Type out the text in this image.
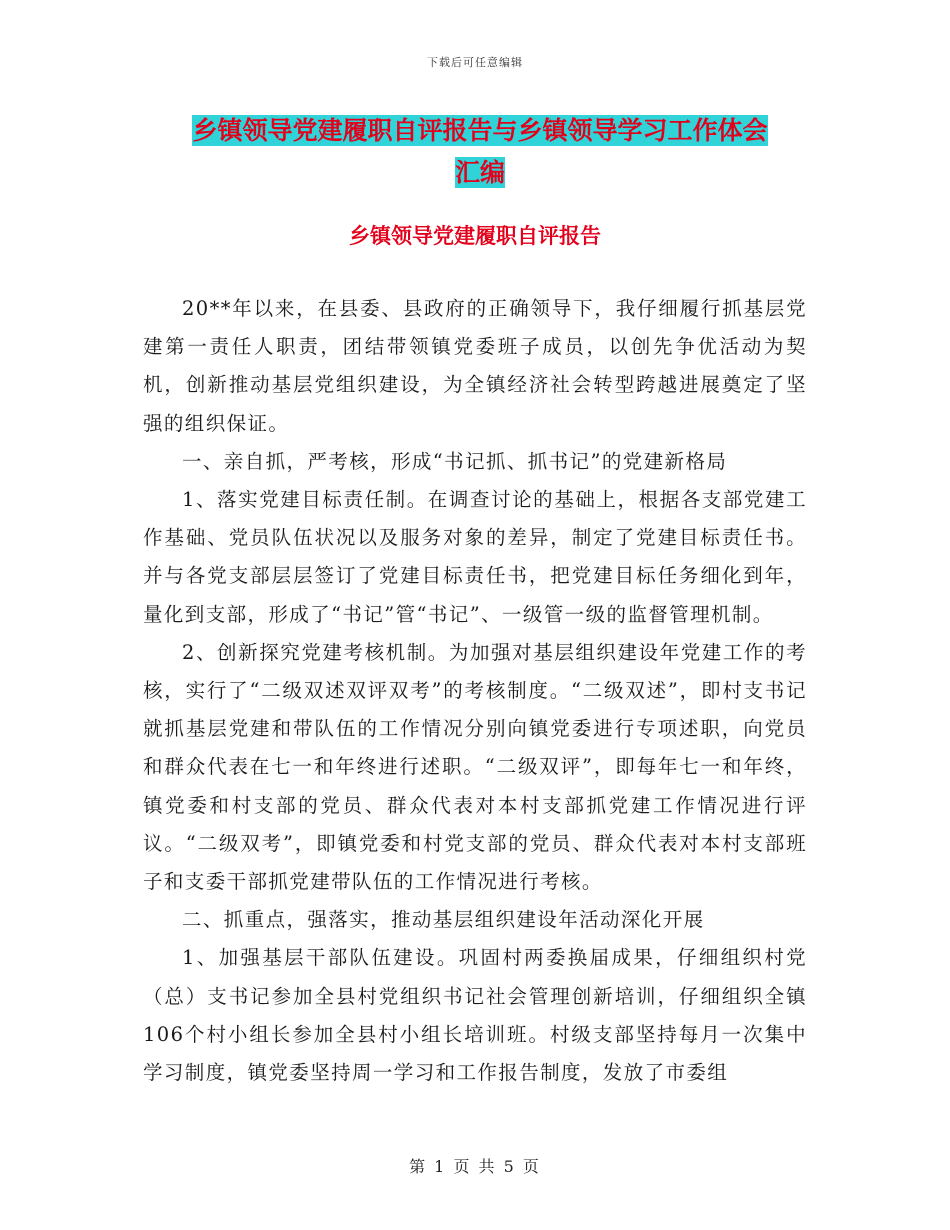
下载后可任意编辑
乡镇领导党建履职自评报告与乡镇领导学习工作体会
汇编
乡镇领导党建履职自评报告

20**年以来，在县委、县政府的正确领导下，我仔细履行抓基层党建第一责任人职责，团结带领镇党委班子成员，以创先争优活动为契机，创新推动基层党组织建设，为全镇经济社会转型跨越进展奠定了坚强的组织保证。

一、亲自抓，严考核，形成“书记抓、抓书记”的党建新格局

1、落实党建目标责任制。在调查讨论的基础上，根据各支部党建工作基础、党员队伍状况以及服务对象的差异，制定了党建目标责任书。并与各党支部层层签订了党建目标责任书，把党建目标任务细化到年，量化到支部，形成了“书记”管“书记”、一级管一级的监督管理机制。

2、创新探究党建考核机制。为加强对基层组织建设年党建工作的考核，实行了“二级双述双评双考”的考核制度。“二级双述”，即村支书记就抓基层党建和带队伍的工作情况分别向镇党委进行专项述职，向党员和群众代表在七一和年终进行述职。“二级双评”，即每年七一和年终，镇党委和村支部的党员、群众代表对本村支部抓党建工作情况进行评议。“二级双考”，即镇党委和村党支部的党员、群众代表对本村支部班子和支委干部抓党建带队伍的工作情况进行考核。

二、抓重点，强落实，推动基层组织建设年活动深化开展

1、加强基层干部队伍建设。巩固村两委换届成果，仔细组织村党（总）支书记参加全县村党组织书记社会管理创新培训，仔细组织全镇106个村小组长参加全县村小组长培训班。村级支部坚持每月一次集中学习制度，镇党委坚持周一学习和工作报告制度，发放了市委组

第 1 页 共 5 页
